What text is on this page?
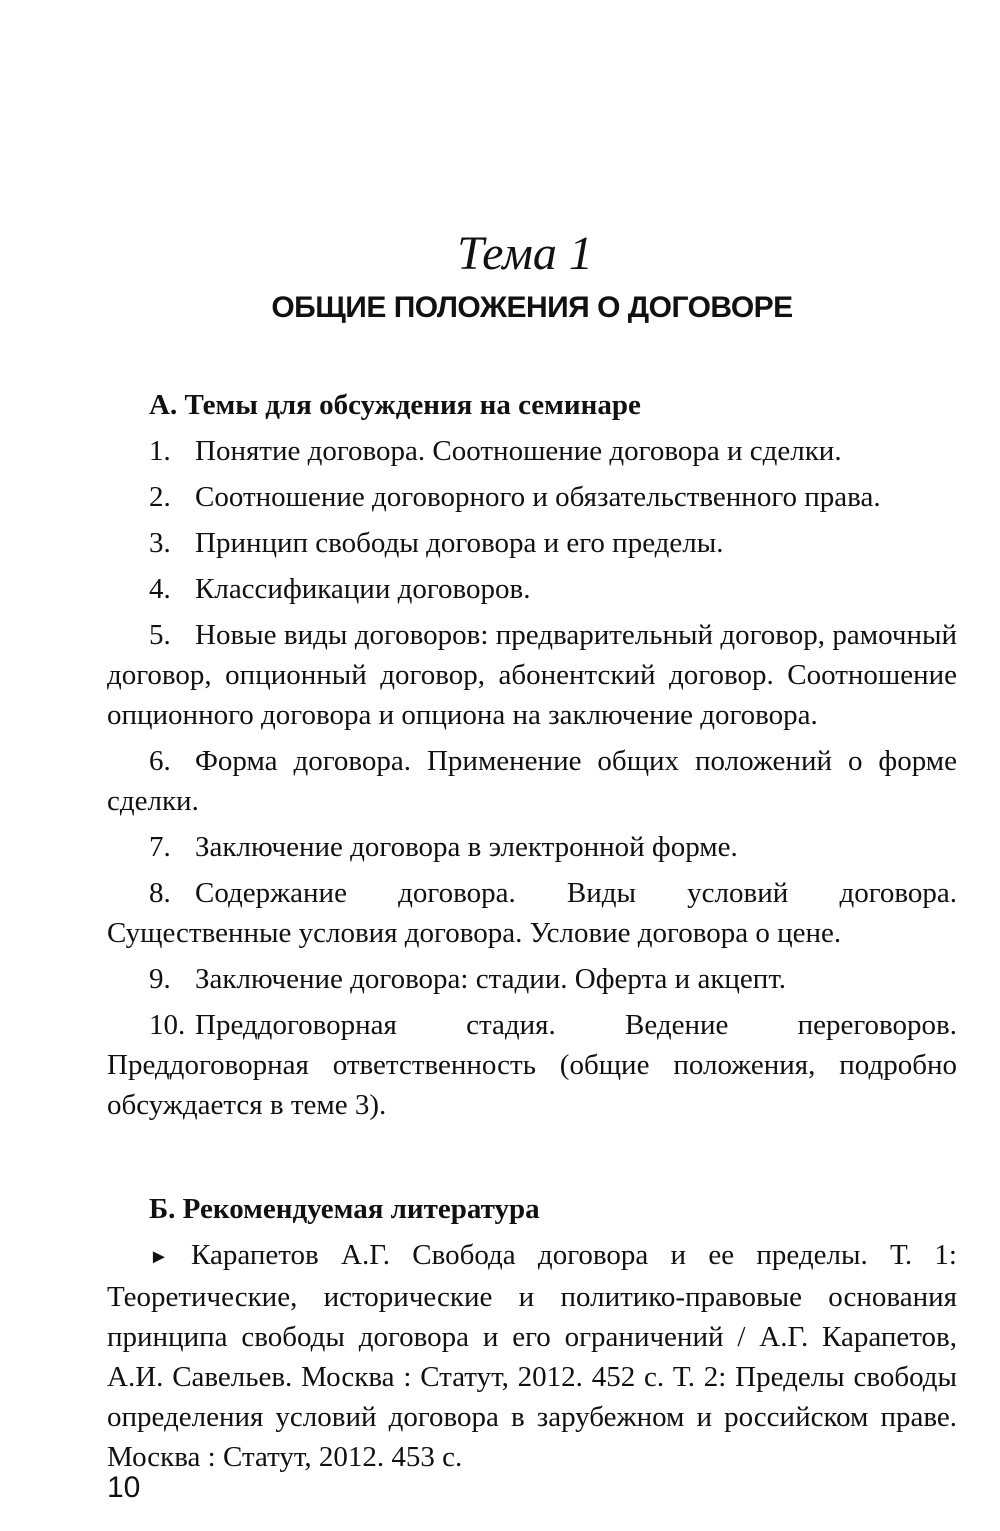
Тема 1
ОБЩИЕ ПОЛОЖЕНИЯ О ДОГОВОРЕ
А. Темы для обсуждения на семинаре
1. Понятие договора. Соотношение договора и сделки.
2. Соотношение договорного и обязательственного права.
3. Принцип свободы договора и его пределы.
4. Классификации договоров.
5. Новые виды договоров: предварительный договор, рамочный договор, опционный договор, абонентский договор. Соотношение опционного договора и опциона на заключение договора.
6. Форма договора. Применение общих положений о форме сделки.
7. Заключение договора в электронной форме.
8. Содержание договора. Виды условий договора. Существенные условия договора. Условие договора о цене.
9. Заключение договора: стадии. Оферта и акцепт.
10. Преддоговорная стадия. Ведение переговоров. Преддоговорная ответственность (общие положения, подробно обсуждается в теме 3).
Б. Рекомендуемая литература
► Карапетов А.Г. Свобода договора и ее пределы. Т. 1: Теоретические, исторические и политико-правовые основания принципа свободы договора и его ограничений / А.Г. Карапетов, А.И. Савельев. Москва : Статут, 2012. 452 с. Т. 2: Пределы свободы определения условий договора в зарубежном и российском праве. Москва : Статут, 2012. 453 с.
10
